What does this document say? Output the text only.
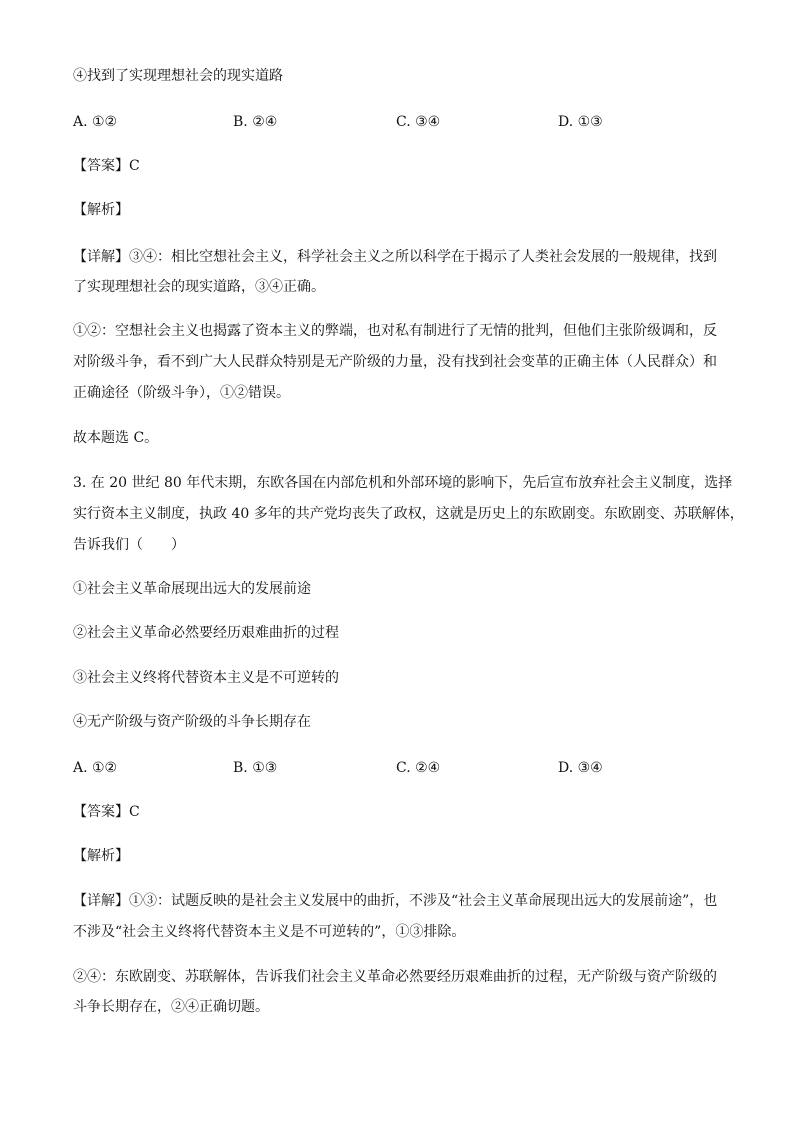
④找到了实现理想社会的现实道路
A. ①②	B. ②④	C. ③④	D. ①③
【答案】C
【解析】
【详解】③④：相比空想社会主义，科学社会主义之所以科学在于揭示了人类社会发展的一般规律，找到
了实现理想社会的现实道路，③④正确。
①②：空想社会主义也揭露了资本主义的弊端，也对私有制进行了无情的批判，但他们主张阶级调和，反
对阶级斗争，看不到广大人民群众特别是无产阶级的力量，没有找到社会变革的正确主体（人民群众）和
正确途径（阶级斗争），①②错误。
故本题选 C。
3. 在 20 世纪 80 年代末期，东欧各国在内部危机和外部环境的影响下，先后宣布放弃社会主义制度，选择
实行资本主义制度，执政 40 多年的共产党均丧失了政权，这就是历史上的东欧剧变。东欧剧变、苏联解体，
告诉我们（　　）
①社会主义革命展现出远大的发展前途
②社会主义革命必然要经历艰难曲折的过程
③社会主义终将代替资本主义是不可逆转的
④无产阶级与资产阶级的斗争长期存在
A. ①②	B. ①③	C. ②④	D. ③④
【答案】C
【解析】
【详解】①③：试题反映的是社会主义发展中的曲折，不涉及“社会主义革命展现出远大的发展前途”，也
不涉及“社会主义终将代替资本主义是不可逆转的”，①③排除。
②④：东欧剧变、苏联解体，告诉我们社会主义革命必然要经历艰难曲折的过程，无产阶级与资产阶级的
斗争长期存在，②④正确切题。
